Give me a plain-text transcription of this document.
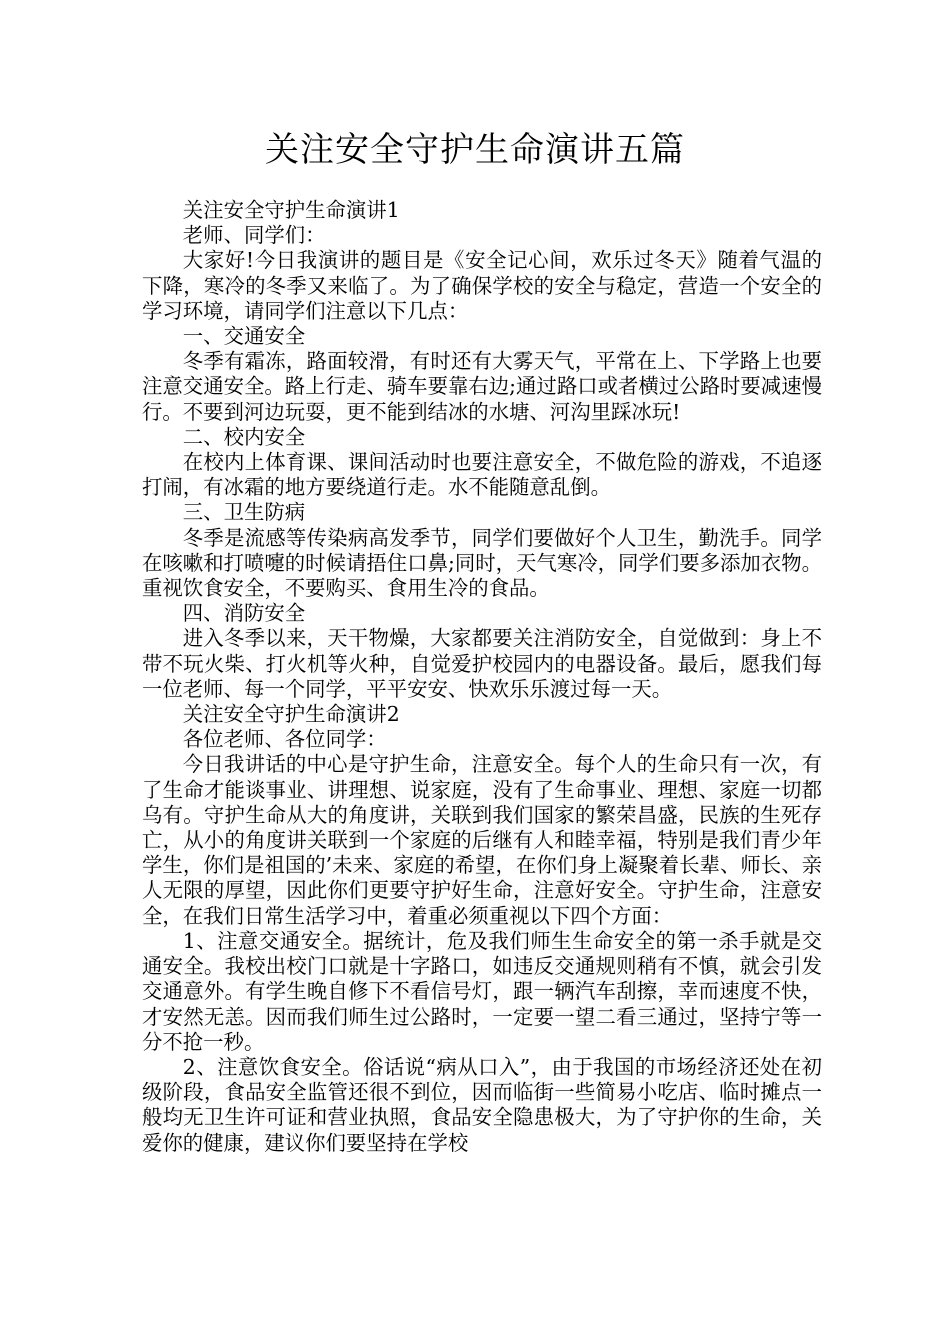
关注安全守护生命演讲五篇

关注安全守护生命演讲1

老师、同学们：

大家好!今日我演讲的题目是《安全记心间，欢乐过冬天》随着气温的下降，寒冷的冬季又来临了。为了确保学校的安全与稳定，营造一个安全的学习环境，请同学们注意以下几点：

一、交通安全

冬季有霜冻，路面较滑，有时还有大雾天气，平常在上、下学路上也要注意交通安全。路上行走、骑车要靠右边;通过路口或者横过公路时要减速慢行。不要到河边玩耍，更不能到结冰的水塘、河沟里踩冰玩!

二、校内安全

在校内上体育课、课间活动时也要注意安全，不做危险的游戏，不追逐打闹，有冰霜的地方要绕道行走。水不能随意乱倒。

三、卫生防病

冬季是流感等传染病高发季节，同学们要做好个人卫生，勤洗手。同学在咳嗽和打喷嚏的时候请捂住口鼻;同时，天气寒冷，同学们要多添加衣物。重视饮食安全，不要购买、食用生冷的食品。

四、消防安全

进入冬季以来，天干物燥，大家都要关注消防安全，自觉做到：身上不带不玩火柴、打火机等火种，自觉爱护校园内的电器设备。最后，愿我们每一位老师、每一个同学，平平安安、快欢乐乐渡过每一天。

关注安全守护生命演讲2

各位老师、各位同学：

今日我讲话的中心是守护生命，注意安全。每个人的生命只有一次，有了生命才能谈事业、讲理想、说家庭，没有了生命事业、理想、家庭一切都乌有。守护生命从大的角度讲，关联到我们国家的繁荣昌盛，民族的生死存亡，从小的角度讲关联到一个家庭的后继有人和睦幸福，特别是我们青少年学生，你们是祖国的’未来、家庭的希望，在你们身上凝聚着长辈、师长、亲人无限的厚望，因此你们更要守护好生命，注意好安全。守护生命，注意安全，在我们日常生活学习中，着重必须重视以下四个方面：

1、注意交通安全。据统计，危及我们师生生命安全的第一杀手就是交通安全。我校出校门口就是十字路口，如违反交通规则稍有不慎，就会引发交通意外。有学生晚自修下不看信号灯，跟一辆汽车刮擦，幸而速度不快，才安然无恙。因而我们师生过公路时，一定要一望二看三通过，坚持宁等一分不抢一秒。

2、注意饮食安全。俗话说“病从口入”，由于我国的市场经济还处在初级阶段，食品安全监管还很不到位，因而临街一些简易小吃店、临时摊点一般均无卫生许可证和营业执照，食品安全隐患极大，为了守护你的生命，关爱你的健康，建议你们要坚持在学校
